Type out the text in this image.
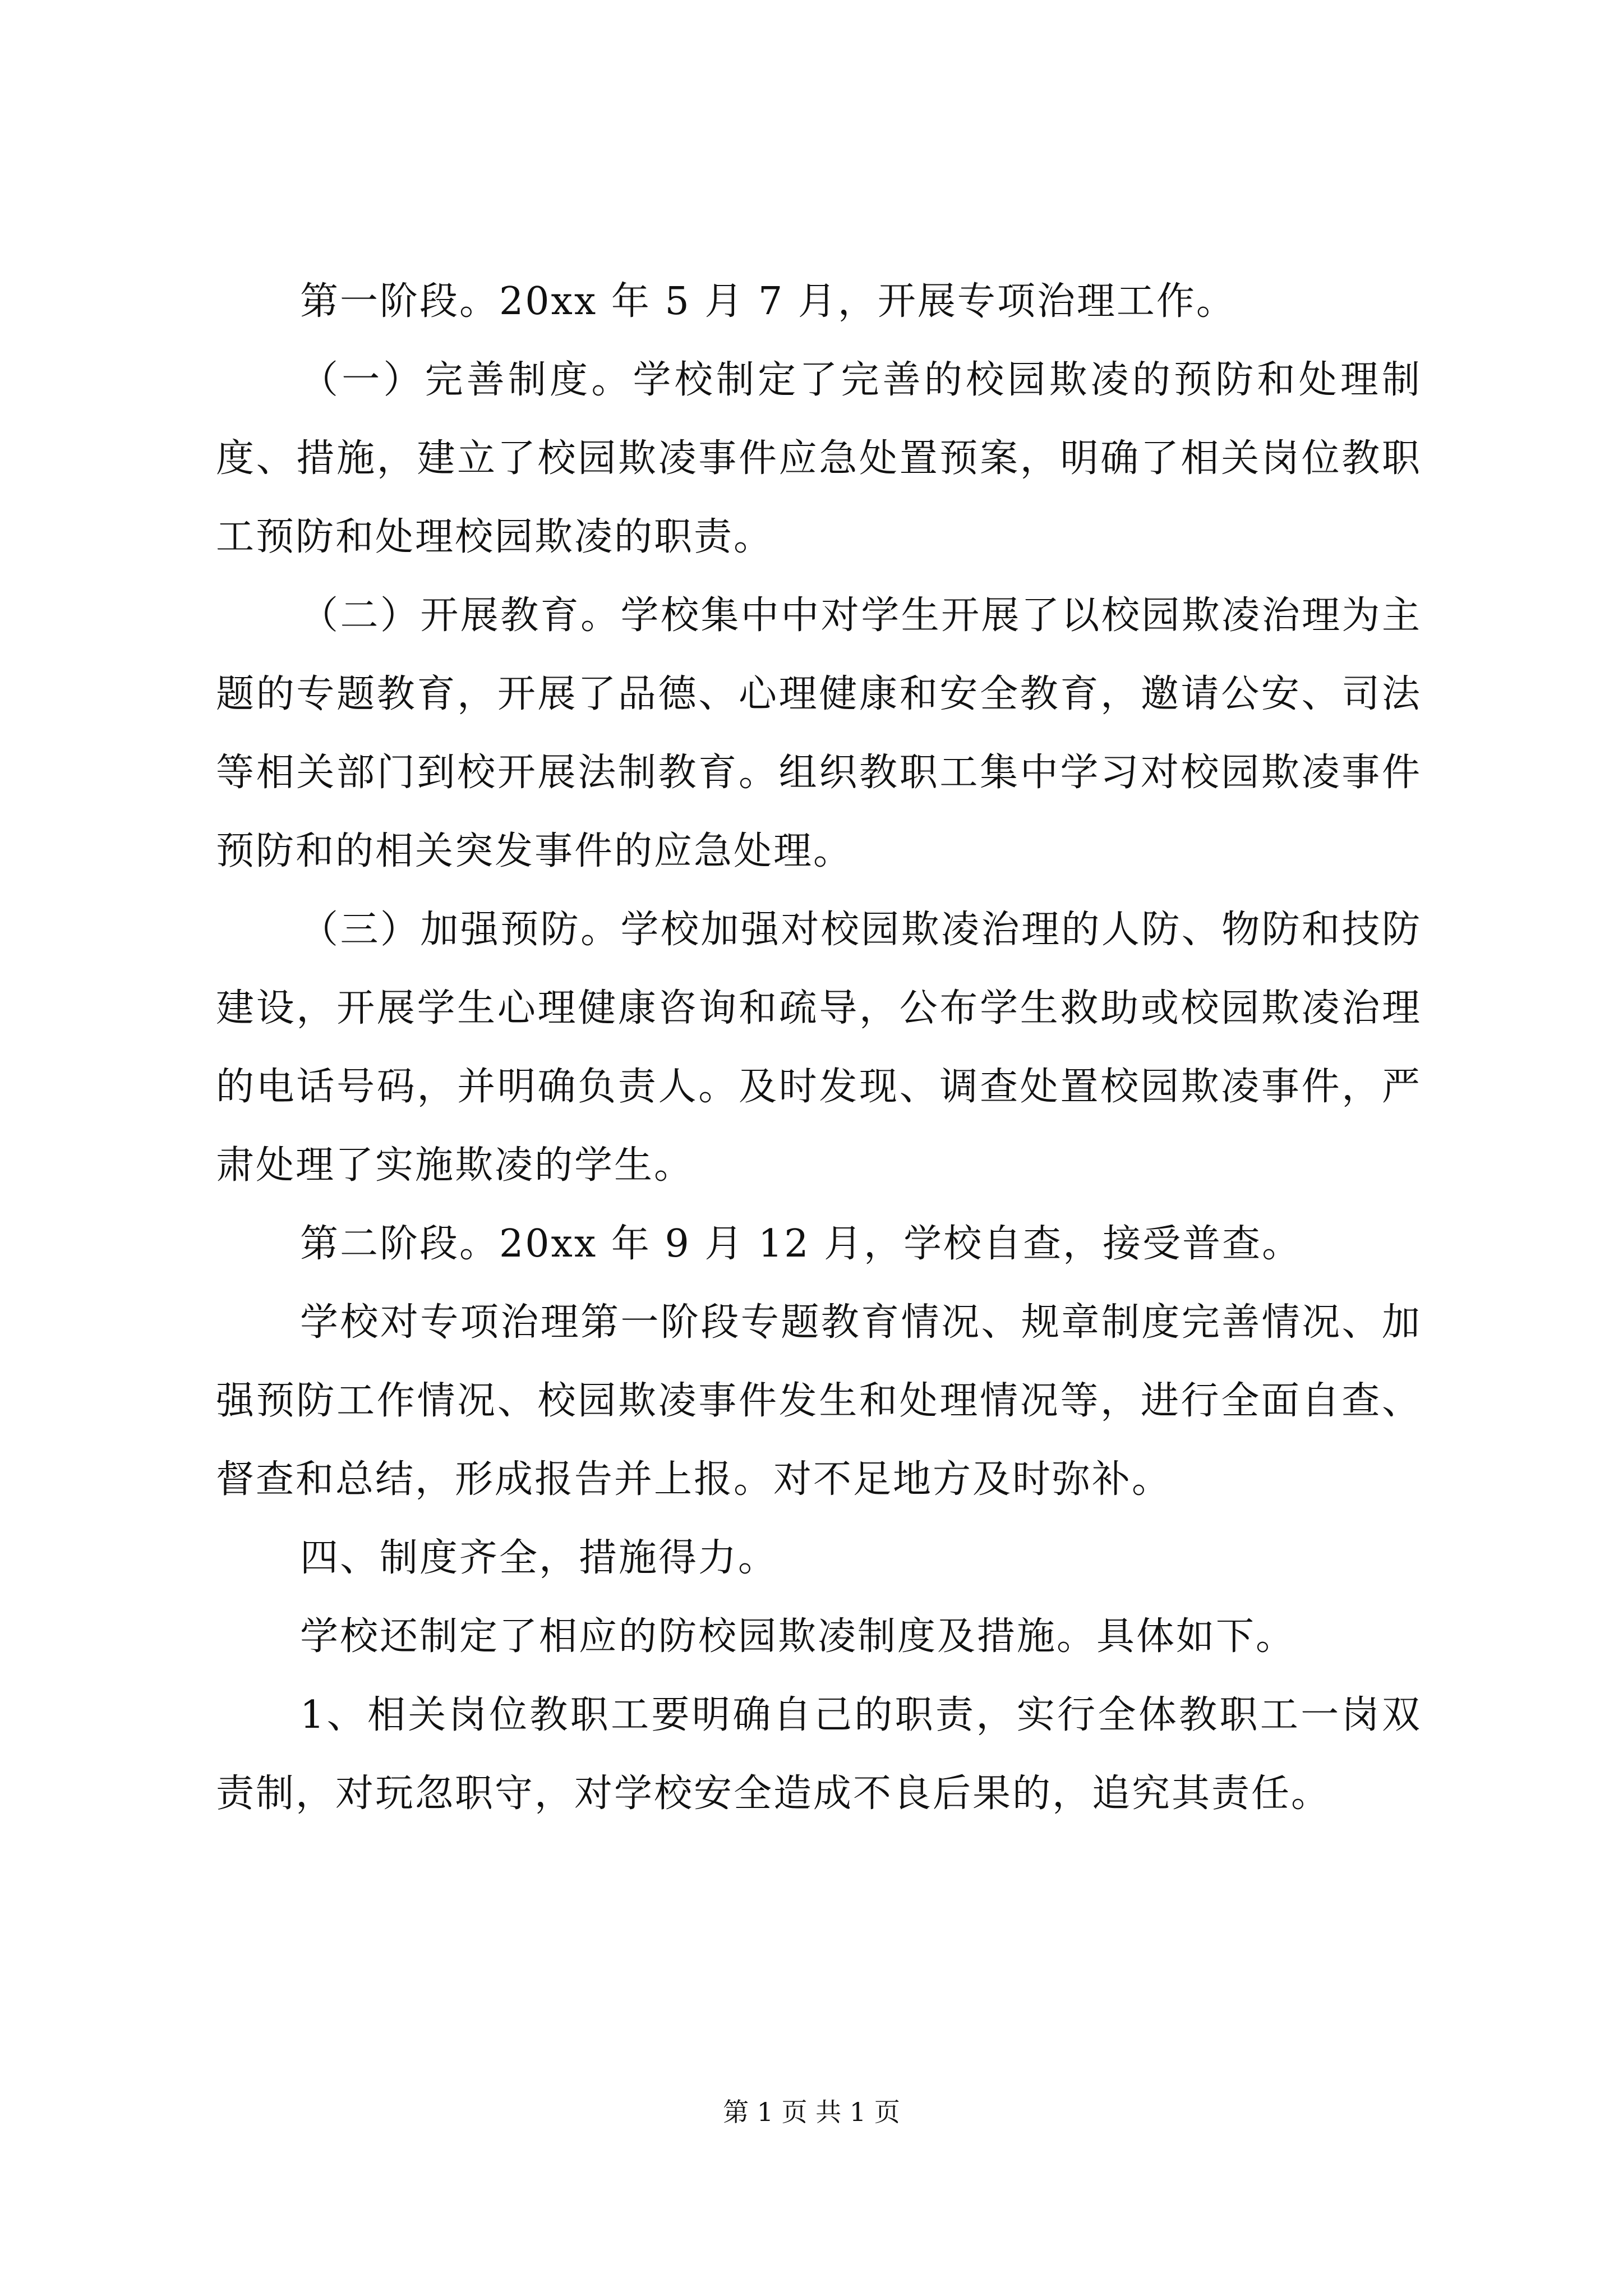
第一阶段。20xx 年 5 月 7 月，开展专项治理工作。

（一）完善制度。学校制定了完善的校园欺凌的预防和处理制度、措施，建立了校园欺凌事件应急处置预案，明确了相关岗位教职工预防和处理校园欺凌的职责。

（二）开展教育。学校集中中对学生开展了以校园欺凌治理为主题的专题教育，开展了品德、心理健康和安全教育，邀请公安、司法等相关部门到校开展法制教育。组织教职工集中学习对校园欺凌事件预防和的相关突发事件的应急处理。

（三）加强预防。学校加强对校园欺凌治理的人防、物防和技防建设，开展学生心理健康咨询和疏导，公布学生救助或校园欺凌治理的电话号码，并明确负责人。及时发现、调查处置校园欺凌事件，严肃处理了实施欺凌的学生。

第二阶段。20xx 年 9 月 12 月，学校自查，接受普查。

学校对专项治理第一阶段专题教育情况、规章制度完善情况、加强预防工作情况、校园欺凌事件发生和处理情况等，进行全面自查、督查和总结，形成报告并上报。对不足地方及时弥补。

四、制度齐全，措施得力。

学校还制定了相应的防校园欺凌制度及措施。具体如下。

1、相关岗位教职工要明确自己的职责，实行全体教职工一岗双责制，对玩忽职守，对学校安全造成不良后果的，追究其责任。

第 1 页 共 1 页
